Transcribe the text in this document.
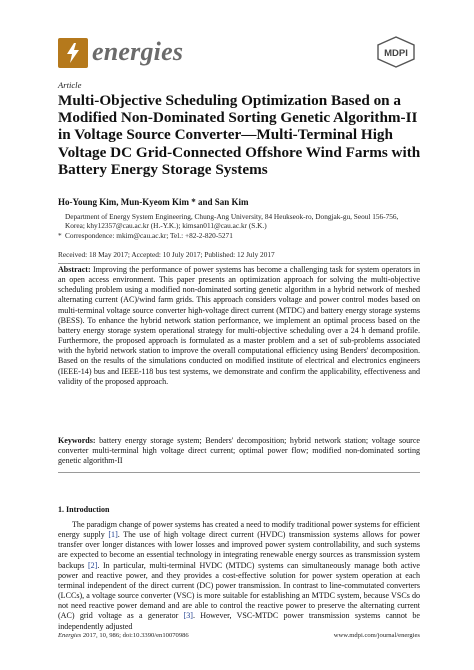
energies	MDPI
Article
Multi-Objective Scheduling Optimization Based on a Modified Non-Dominated Sorting Genetic Algorithm-II in Voltage Source Converter—Multi-Terminal High Voltage DC Grid-Connected Offshore Wind Farms with Battery Energy Storage Systems
Ho-Young Kim, Mun-Kyeom Kim * and San Kim
Department of Energy System Engineering, Chung-Ang University, 84 Heukseok-ro, Dongjak-gu, Seoul 156-756, Korea; khy12357@cau.ac.kr (H.-Y.K.); kimsan011@cau.ac.kr (S.K.)
* Correspondence: mkim@cau.ac.kr; Tel.: +82-2-820-5271
Received: 18 May 2017; Accepted: 10 July 2017; Published: 12 July 2017

Abstract: Improving the performance of power systems has become a challenging task for system operators in an open access environment. This paper presents an optimization approach for solving the multi-objective scheduling problem using a modified non-dominated sorting genetic algorithm in a hybrid network of meshed alternating current (AC)/wind farm grids. This approach considers voltage and power control modes based on multi-terminal voltage source converter high-voltage direct current (MTDC) and battery energy storage systems (BESS). To enhance the hybrid network station performance, we implement an optimal process based on the battery energy storage system operational strategy for multi-objective scheduling over a 24 h demand profile. Furthermore, the proposed approach is formulated as a master problem and a set of sub-problems associated with the hybrid network station to improve the overall computational efficiency using Benders' decomposition. Based on the results of the simulations conducted on modified institute of electrical and electronics engineers (IEEE-14) bus and IEEE-118 bus test systems, we demonstrate and confirm the applicability, effectiveness and validity of the proposed approach.

Keywords: battery energy storage system; Benders' decomposition; hybrid network station; voltage source converter multi-terminal high voltage direct current; optimal power flow; modified non-dominated sorting genetic algorithm-II

1. Introduction

The paradigm change of power systems has created a need to modify traditional power systems for efficient energy supply [1]. The use of high voltage direct current (HVDC) transmission systems allows for power transfer over longer distances with lower losses and improved power system controllability, and such systems are expected to become an essential technology in integrating renewable energy sources as transmission system backups [2]. In particular, multi-terminal HVDC (MTDC) systems can simultaneously manage both active power and reactive power, and they provides a cost-effective solution for power system operation at each terminal independent of the direct current (DC) power transmission. In contrast to line-commutated converters (LCCs), a voltage source converter (VSC) is more suitable for establishing an MTDC system, because VSCs do not need reactive power demand and are able to control the reactive power to preserve the alternating current (AC) grid voltage as a generator [3]. However, VSC-MTDC power transmission systems cannot be independently adjusted

Energies 2017, 10, 986; doi:10.3390/en10070986	www.mdpi.com/journal/energies
